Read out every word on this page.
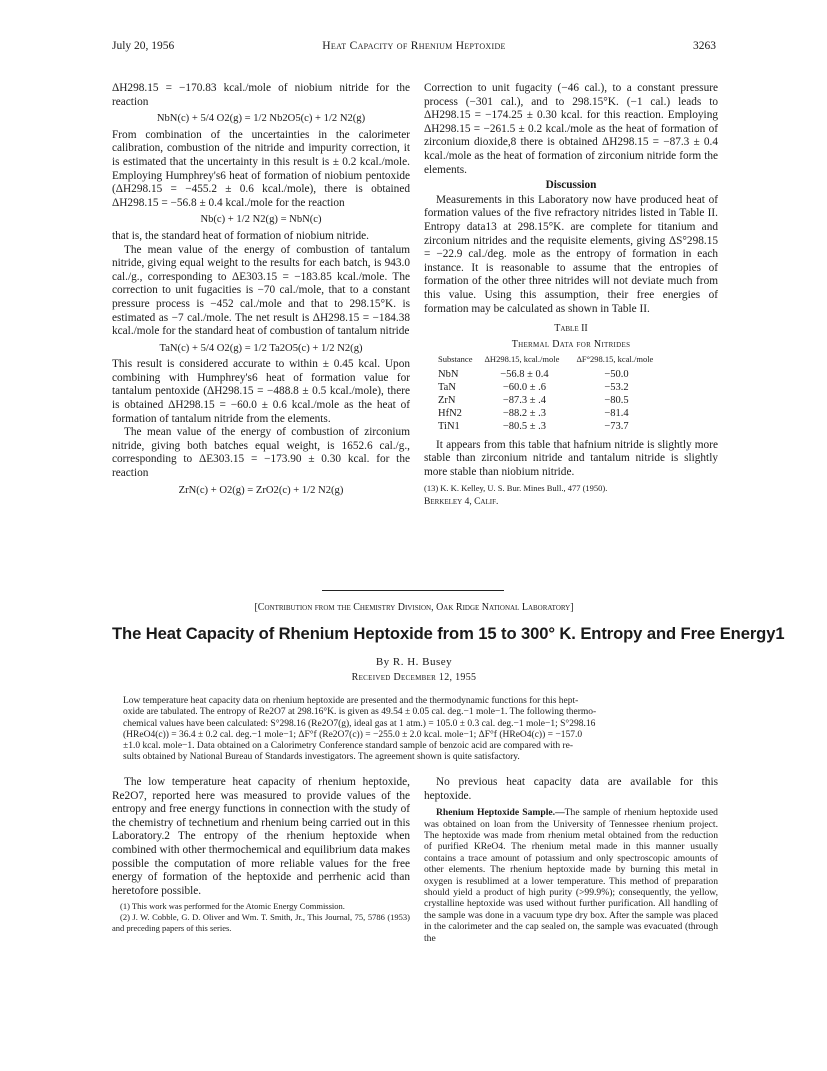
July 20, 1956	Heat Capacity of Rhenium Heptoxide	3263

ΔH298.15 = −170.83 kcal./mole of niobium nitride for the reaction

NbN(c) + 5/4 O2(g) = 1/2 Nb2O5(c) + 1/2 N2(g)

From combination of the uncertainties in the calorimeter calibration, combustion of the nitride and impurity correction, it is estimated that the uncertainty in this result is ± 0.2 kcal./mole. Employing Humphrey's6 heat of formation of niobium pentoxide (ΔH298.15 = −455.2 ± 0.6 kcal./mole), there is obtained ΔH298.15 = −56.8 ± 0.4 kcal./mole for the reaction

Nb(c) + 1/2 N2(g) = NbN(c)

that is, the standard heat of formation of niobium nitride.

The mean value of the energy of combustion of tantalum nitride, giving equal weight to the results for each batch, is 943.0 cal./g., corresponding to ΔE303.15 = −183.85 kcal./mole. The correction to unit fugacities is −70 cal./mole, that to a constant pressure process is −452 cal./mole and that to 298.15°K. is estimated as −7 cal./mole. The net result is ΔH298.15 = −184.38 kcal./mole for the standard heat of combustion of tantalum nitride

TaN(c) + 5/4 O2(g) = 1/2 Ta2O5(c) + 1/2 N2(g)

This result is considered accurate to within ± 0.45 kcal. Upon combining with Humphrey's6 heat of formation value for tantalum pentoxide (ΔH298.15 = −488.8 ± 0.5 kcal./mole), there is obtained ΔH298.15 = −60.0 ± 0.6 kcal./mole as the heat of formation of tantalum nitride from the elements.

The mean value of the energy of combustion of zirconium nitride, giving both batches equal weight, is 1652.6 cal./g., corresponding to ΔE303.15 = −173.90 ± 0.30 kcal. for the reaction

ZrN(c) + O2(g) = ZrO2(c) + 1/2 N2(g)

Correction to unit fugacity (−46 cal.), to a constant pressure process (−301 cal.), and to 298.15°K. (−1 cal.) leads to ΔH298.15 = −174.25 ± 0.30 kcal. for this reaction. Employing ΔH298.15 = −261.5 ± 0.2 kcal./mole as the heat of formation of zirconium dioxide,8 there is obtained ΔH298.15 = −87.3 ± 0.4 kcal./mole as the heat of formation of zirconium nitride form the elements.

Discussion

Measurements in this Laboratory now have produced heat of formation values of the five refractory nitrides listed in Table II. Entropy data13 at 298.15°K. are complete for titanium and zirconium nitrides and the requisite elements, giving ΔS°298.15 = −22.9 cal./deg. mole as the entropy of formation in each instance. It is reasonable to assume that the entropies of formation of the other three nitrides will not deviate much from this value. Using this assumption, their free energies of formation may be calculated as shown in Table II.

Table II

Thermal Data for Nitrides

Substance	ΔH298.15, kcal./mole	ΔF°298.15, kcal./mole
NbN	−56.8 ± 0.4	−50.0
TaN	−60.0 ± .6	−53.2
ZrN	−87.3 ± .4	−80.5
HfN2	−88.2 ± .3	−81.4
TiN1	−80.5 ± .3	−73.7

It appears from this table that hafnium nitride is slightly more stable than zirconium nitride and tantalum nitride is slightly more stable than niobium nitride.

(13) K. K. Kelley, U. S. Bur. Mines Bull., 477 (1950).

Berkeley 4, Calif.

[Contribution from the Chemistry Division, Oak Ridge National Laboratory]
The Heat Capacity of Rhenium Heptoxide from 15 to 300° K. Entropy and Free Energy1
By R. H. Busey
Received December 12, 1955
Low temperature heat capacity data on rhenium heptoxide are presented and the thermodynamic functions for this hept-
oxide are tabulated. The entropy of Re2O7 at 298.16°K. is given as 49.54 ± 0.05 cal. deg.−1 mole−1. The following thermo-
chemical values have been calculated: S°298.16 (Re2O7(g), ideal gas at 1 atm.) = 105.0 ± 0.3 cal. deg.−1 mole−1; S°298.16
(HReO4(c)) = 36.4 ± 0.2 cal. deg.−1 mole−1; ΔF°f (Re2O7(c)) = −255.0 ± 2.0 kcal. mole−1; ΔF°f (HReO4(c)) = −157.0
±1.0 kcal. mole−1. Data obtained on a Calorimetry Conference standard sample of benzoic acid are compared with re-
sults obtained by National Bureau of Standards investigators. The agreement shown is quite satisfactory.

The low temperature heat capacity of rhenium heptoxide, Re2O7, reported here was measured to provide values of the entropy and free energy functions in connection with the study of the chemistry of technetium and rhenium being carried out in this Laboratory.2 The entropy of the rhenium heptoxide when combined with other thermochemical and equilibrium data makes possible the computation of more reliable values for the free energy of formation of the heptoxide and perrhenic acid than heretofore possible.

(1) This work was performed for the Atomic Energy Commission.

(2) J. W. Cobble, G. D. Oliver and Wm. T. Smith, Jr., This Journal, 75, 5786 (1953) and preceding papers of this series.

No previous heat capacity data are available for this heptoxide.

Rhenium Heptoxide Sample.—The sample of rhenium heptoxide used was obtained on loan from the University of Tennessee rhenium project. The heptoxide was made from rhenium metal obtained from the reduction of purified KReO4. The rhenium metal made in this manner usually contains a trace amount of potassium and only spectroscopic amounts of other elements. The rhenium heptoxide made by burning this metal in oxygen is resublimed at a lower temperature. This method of preparation should yield a product of high purity (>99.9%); consequently, the yellow, crystalline heptoxide was used without further purification. All handling of the sample was done in a vacuum type dry box. After the sample was placed in the calorimeter and the cap sealed on, the sample was evacuated (through the
